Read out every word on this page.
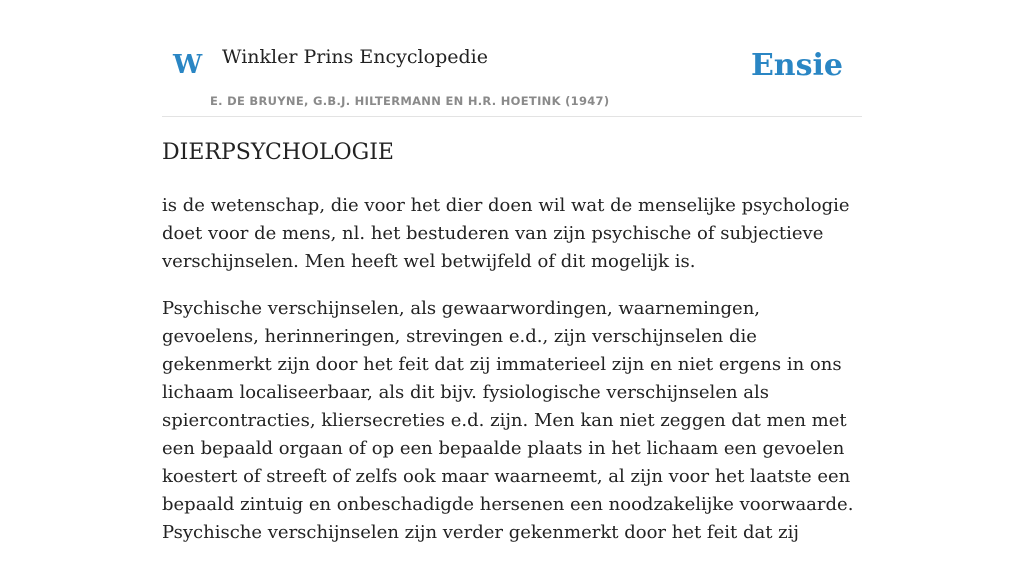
W Winkler Prins Encyclopedie
E. DE BRUYNE, G.B.J. HILTERMANN EN H.R. HOETINK (1947)
Ensie
DIERPSYCHOLOGIE

is de wetenschap, die voor het dier doen wil wat de menselijke psychologie doet voor de mens, nl. het bestuderen van zijn psychische of subjectieve verschijnselen. Men heeft wel betwijfeld of dit mogelijk is.

Psychische verschijnselen, als gewaarwordingen, waarnemingen, gevoelens, herinneringen, strevingen e.d., zijn verschijnselen die gekenmerkt zijn door het feit dat zij immaterieel zijn en niet ergens in ons lichaam localiseerbaar, als dit bijv. fysiologische verschijnselen als spiercontracties, kliersecreties e.d. zijn. Men kan niet zeggen dat men met een bepaald orgaan of op een bepaalde plaats in het lichaam een gevoelen koestert of streeft of zelfs ook maar waarneemt, al zijn voor het laatste een bepaald zintuig en onbeschadigde hersenen een noodzakelijke voorwaarde. Psychische verschijnselen zijn verder gekenmerkt door het feit dat zij
